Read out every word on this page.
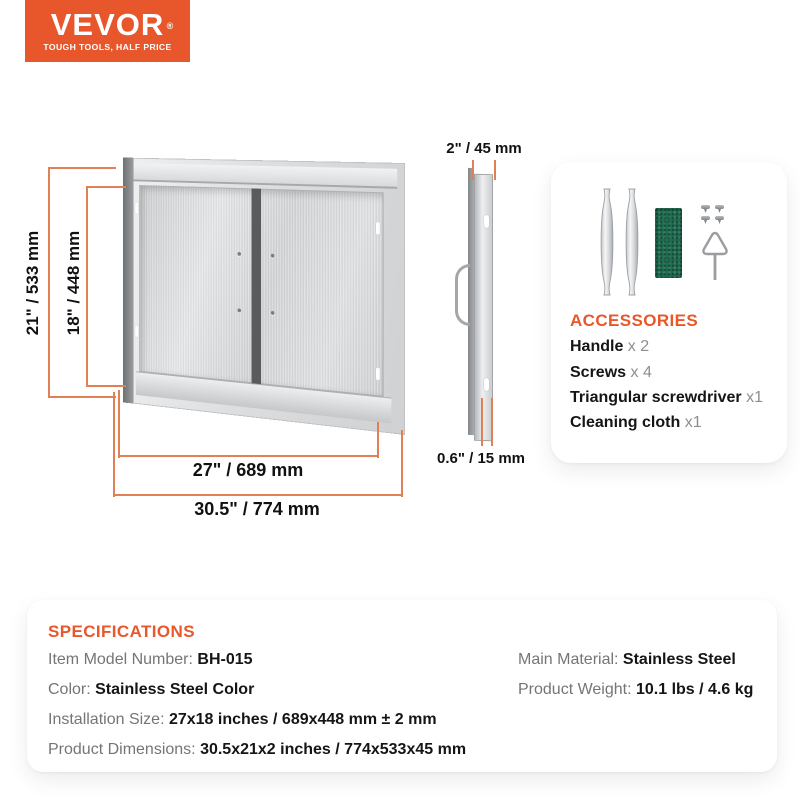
VEVOR ®
TOUGH TOOLS, HALF PRICE
21" / 533 mm 18" / 448 mm
27" / 689 mm
30.5" / 774 mm
2" / 45 mm
0.6" / 15 mm
ACCESSORIES
Handle x 2
Screws x 4
Triangular screwdriver x1
Cleaning cloth x1
SPECIFICATIONS
Item Model Number: BH-015
Color: Stainless Steel Color
Installation Size: 27x18 inches / 689x448 mm ± 2 mm
Product Dimensions: 30.5x21x2 inches / 774x533x45 mm
Main Material: Stainless Steel
Product Weight: 10.1 lbs / 4.6 kg
